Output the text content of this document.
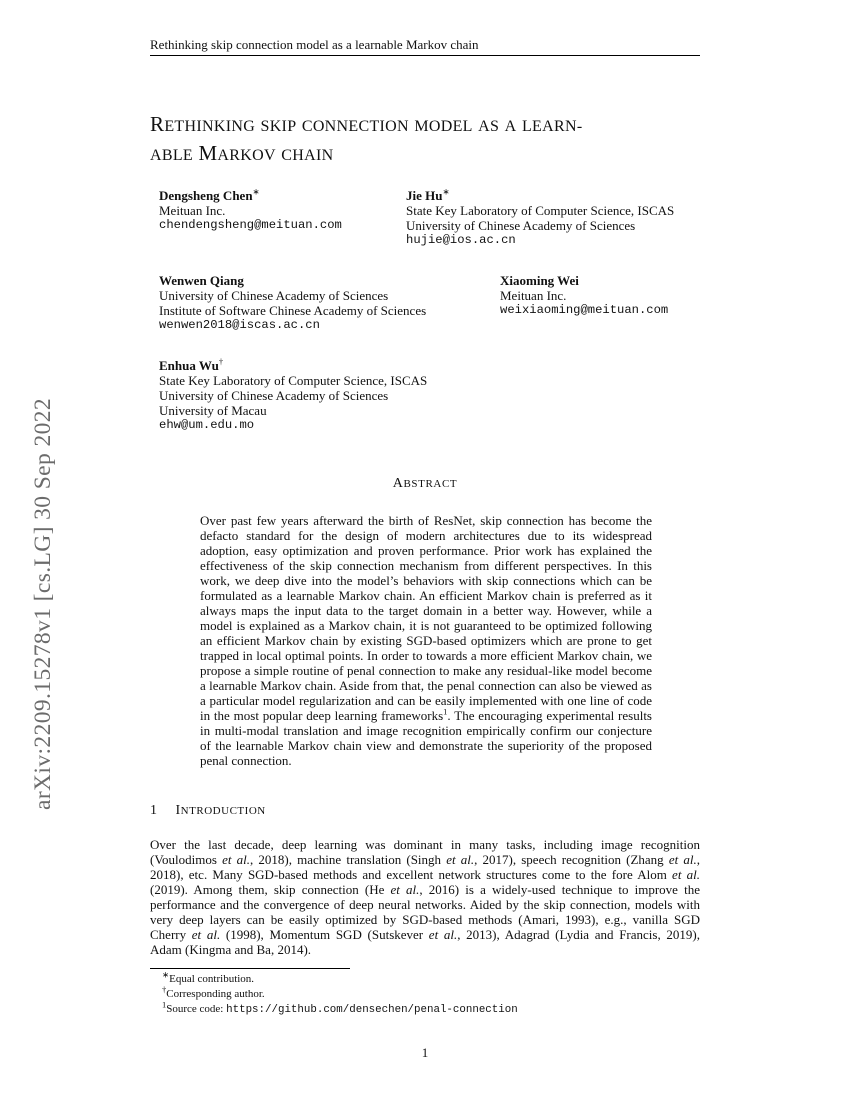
Rethinking skip connection model as a learnable Markov chain
RETHINKING SKIP CONNECTION MODEL AS A LEARN-
ABLE MARKOV CHAIN
Dengsheng Chen∗
Meituan Inc.
chendengsheng@meituan.com
Jie Hu∗
State Key Laboratory of Computer Science, ISCAS
University of Chinese Academy of Sciences
hujie@ios.ac.cn
Wenwen Qiang
University of Chinese Academy of Sciences
Institute of Software Chinese Academy of Sciences
wenwen2018@iscas.ac.cn
Xiaoming Wei
Meituan Inc.
weixiaoming@meituan.com
Enhua Wu†
State Key Laboratory of Computer Science, ISCAS
University of Chinese Academy of Sciences
University of Macau
ehw@um.edu.mo
ABSTRACT
Over past few years afterward the birth of ResNet, skip connection has become the defacto standard for the design of modern architectures due to its widespread adoption, easy optimization and proven performance. Prior work has explained the effectiveness of the skip connection mechanism from different perspectives. In this work, we deep dive into the model’s behaviors with skip connections which can be formulated as a learnable Markov chain. An efficient Markov chain is preferred as it always maps the input data to the target domain in a better way. However, while a model is explained as a Markov chain, it is not guaranteed to be optimized following an efficient Markov chain by existing SGD-based optimizers which are prone to get trapped in local optimal points. In order to towards a more efficient Markov chain, we propose a simple routine of penal connection to make any residual-like model become a learnable Markov chain. Aside from that, the penal connection can also be viewed as a particular model regularization and can be easily implemented with one line of code in the most popular deep learning frameworks$^1$. The encouraging experimental results in multi-modal translation and image recognition empirically confirm our conjecture of the learnable Markov chain view and demonstrate the superiority of the proposed penal connection.
1 INTRODUCTION
Over the last decade, deep learning was dominant in many tasks, including image recognition (Voulodimos et al., 2018), machine translation (Singh et al., 2017), speech recognition (Zhang et al., 2018), etc. Many SGD-based methods and excellent network structures come to the fore Alom et al. (2019). Among them, skip connection (He et al., 2016) is a widely-used technique to improve the performance and the convergence of deep neural networks. Aided by the skip connection, models with very deep layers can be easily optimized by SGD-based methods (Amari, 1993), e.g., vanilla SGD Cherry et al. (1998), Momentum SGD (Sutskever et al., 2013), Adagrad (Lydia and Francis, 2019), Adam (Kingma and Ba, 2014).
∗Equal contribution.
†Corresponding author.
$^1$Source code: https://github.com/densechen/penal-connection
1
arXiv:2209.15278v1 [cs.LG] 30 Sep 2022
